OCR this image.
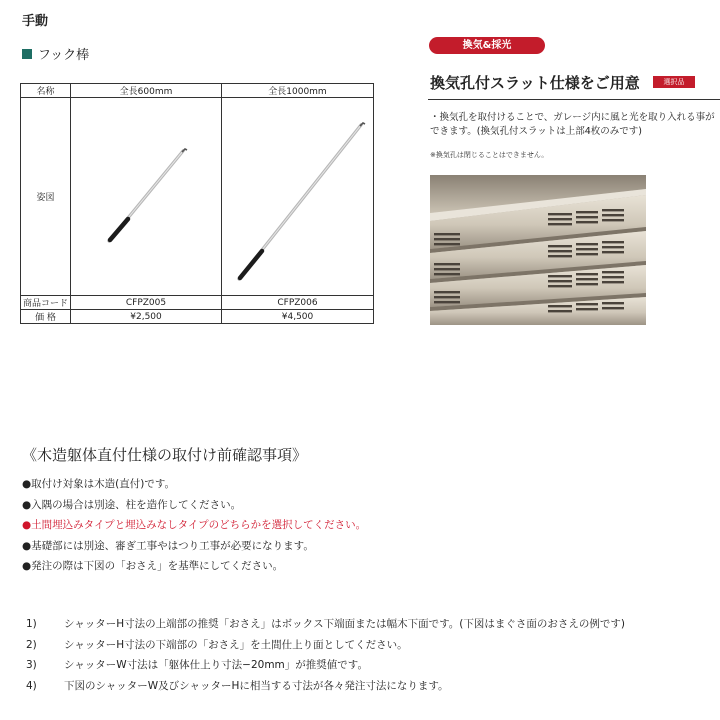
手動
フック棒
名称	全長600mm	全長1000mm
姿図	

商品コード	CFPZ005	CFPZ006
価 格	¥2,500	¥4,500
換気&採光
換気孔付スラット仕様をご用意	選択品
・換気孔を取付けることで、ガレージ内に風と光を取り入れる事ができます。(換気孔付スラットは上部4枚のみです)
※換気孔は閉じることはできません。
《木造躯体直付仕様の取付け前確認事項》
●取付け対象は木造(直付)です。
●入隅の場合は別途、柱を造作してください。
●土間埋込みタイプと埋込みなしタイプのどちらかを選択してください。
●基礎部には別途、審ぎ工事やはつり工事が必要になります。
●発注の際は下図の「おさえ」を基準にしてください。
1)	シャッターH寸法の上端部の推奨「おさえ」はボックス下端面または幅木下面です。(下図はまぐさ面のおさえの例です)
2)	シャッターH寸法の下端部の「おさえ」を土間仕上り面としてください。
3)	シャッターW寸法は「躯体仕上り寸法−20mm」が推奨値です。
4)	下図のシャッターW及びシャッターHに相当する寸法が各々発注寸法になります。
